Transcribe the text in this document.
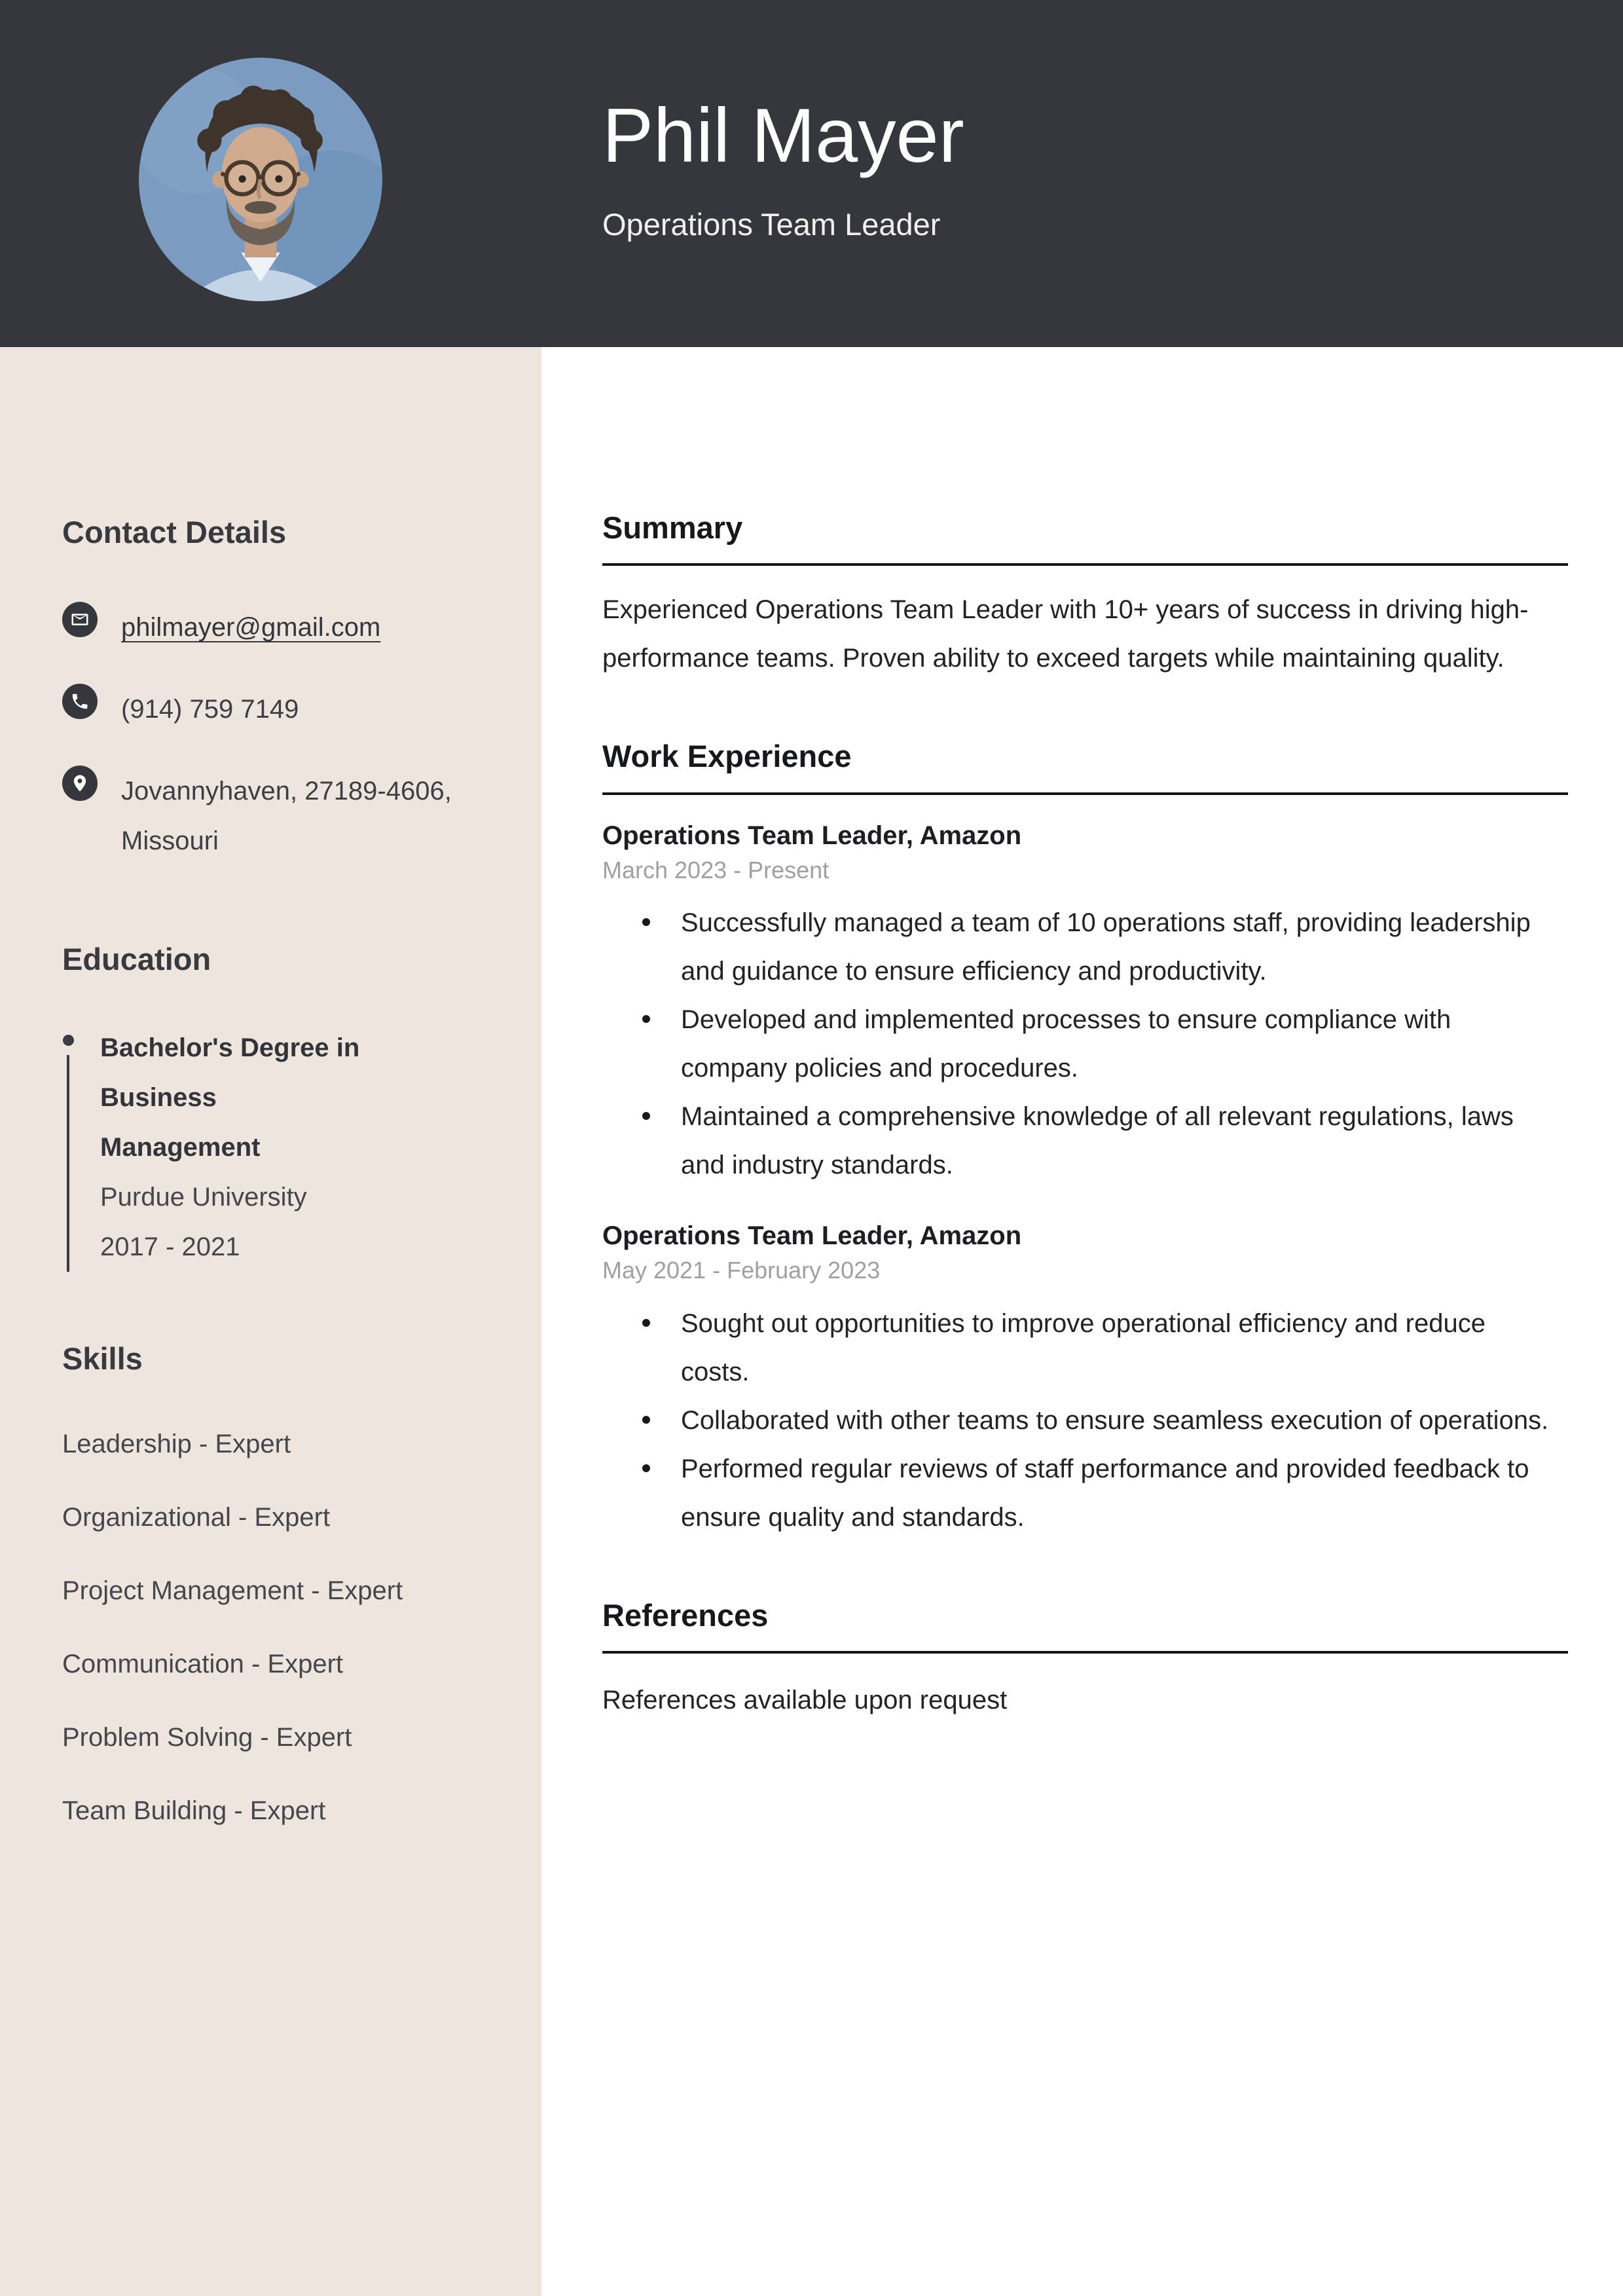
Phil Mayer
Operations Team Leader
Contact Details
philmayer@gmail.com
(914) 759 7149
Jovannyhaven, 27189-4606, Missouri
Education
Bachelor's Degree in Business Management
Purdue University
2017 - 2021
Skills
Leadership - Expert
Organizational - Expert
Project Management - Expert
Communication - Expert
Problem Solving - Expert
Team Building - Expert
Summary

Experienced Operations Team Leader with 10+ years of success in driving high-performance teams. Proven ability to exceed targets while maintaining quality.

Work Experience
Operations Team Leader, Amazon
March 2023 - Present
Successfully managed a team of 10 operations staff, providing leadership and guidance to ensure efficiency and productivity.
Developed and implemented processes to ensure compliance with company policies and procedures.
Maintained a comprehensive knowledge of all relevant regulations, laws and industry standards.
Operations Team Leader, Amazon
May 2021 - February 2023
Sought out opportunities to improve operational efficiency and reduce costs.
Collaborated with other teams to ensure seamless execution of operations.
Performed regular reviews of staff performance and provided feedback to ensure quality and standards.
References

References available upon request
